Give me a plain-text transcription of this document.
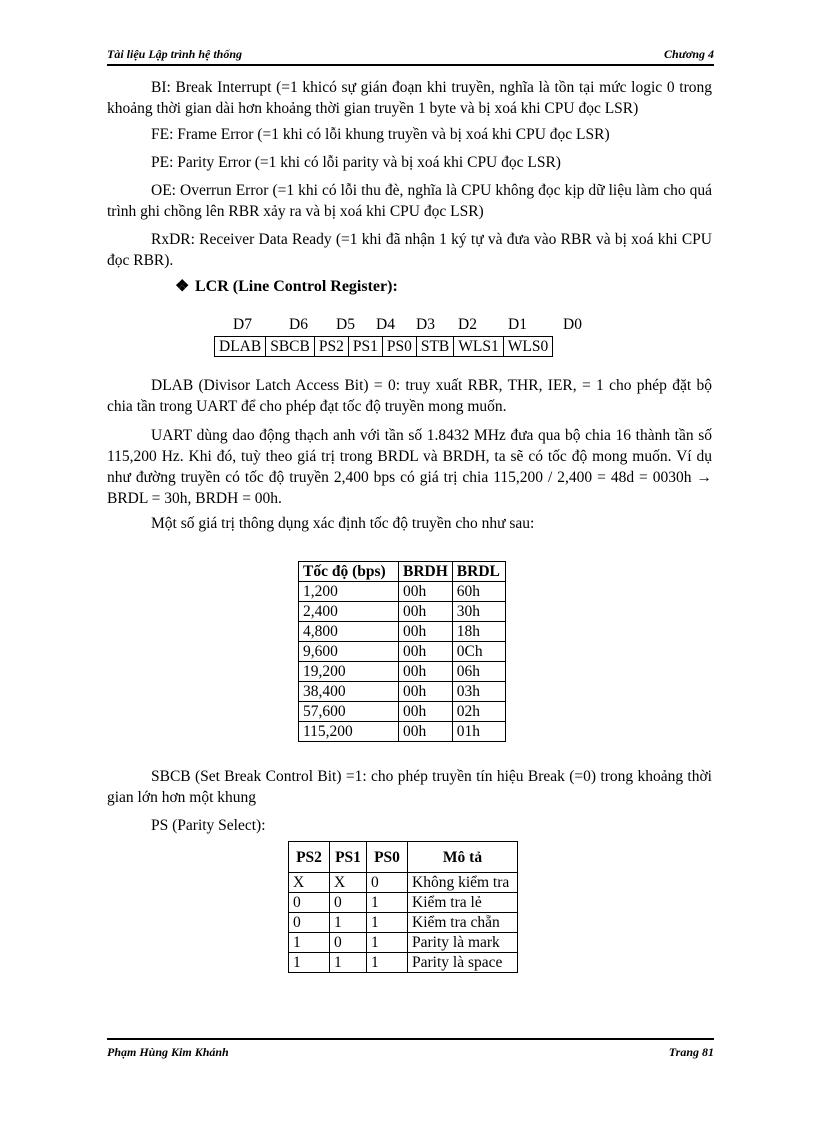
Tài liệu Lập trình hệ thống	Chương 4

BI: Break Interrupt (=1 khicó sự gián đoạn khi truyền, nghĩa là tồn tại mức logic 0 trong khoảng thời gian dài hơn khoảng thời gian truyền 1 byte và bị xoá khi CPU đọc LSR)

FE: Frame Error (=1 khi có lỗi khung truyền và bị xoá khi CPU đọc LSR)

PE: Parity Error (=1 khi có lỗi parity và bị xoá khi CPU đọc LSR)

OE: Overrun Error (=1 khi có lỗi thu đè, nghĩa là CPU không đọc kịp dữ liệu làm cho quá trình ghi chồng lên RBR xảy ra và bị xoá khi CPU đọc LSR)

RxDR: Receiver Data Ready (=1 khi đã nhận 1 ký tự và đưa vào RBR và bị xoá khi CPU đọc RBR).

❖ LCR (Line Control Register):
D7 D6 D5 D4 D3 D2 D1 D0
DLAB	SBCB	PS2	PS1	PS0	STB	WLS1	WLS0

DLAB (Divisor Latch Access Bit) = 0: truy xuất RBR, THR, IER, = 1 cho phép đặt bộ chia tần trong UART để cho phép đạt tốc độ truyền mong muốn.

UART dùng dao động thạch anh với tần số 1.8432 MHz đưa qua bộ chia 16 thành tần số 115,200 Hz. Khi đó, tuỳ theo giá trị trong BRDL và BRDH, ta sẽ có tốc độ mong muốn. Ví dụ như đường truyền có tốc độ truyền 2,400 bps có giá trị chia 115,200 / 2,400 = 48d = 0030h → BRDL = 30h, BRDH = 00h.

Một số giá trị thông dụng xác định tốc độ truyền cho như sau:

Tốc độ (bps)	BRDH	BRDL
1,200	00h	60h
2,400	00h	30h
4,800	00h	18h
9,600	00h	0Ch
19,200	00h	06h
38,400	00h	03h
57,600	00h	02h
115,200	00h	01h

SBCB (Set Break Control Bit) =1: cho phép truyền tín hiệu Break (=0) trong khoảng thời gian lớn hơn một khung

PS (Parity Select):

PS2	PS1	PS0	Mô tả
X	X	0	Không kiểm tra
0	0	1	Kiểm tra lẻ
0	1	1	Kiểm tra chẵn
1	0	1	Parity là mark
1	1	1	Parity là space
Phạm Hùng Kim Khánh	Trang 81
